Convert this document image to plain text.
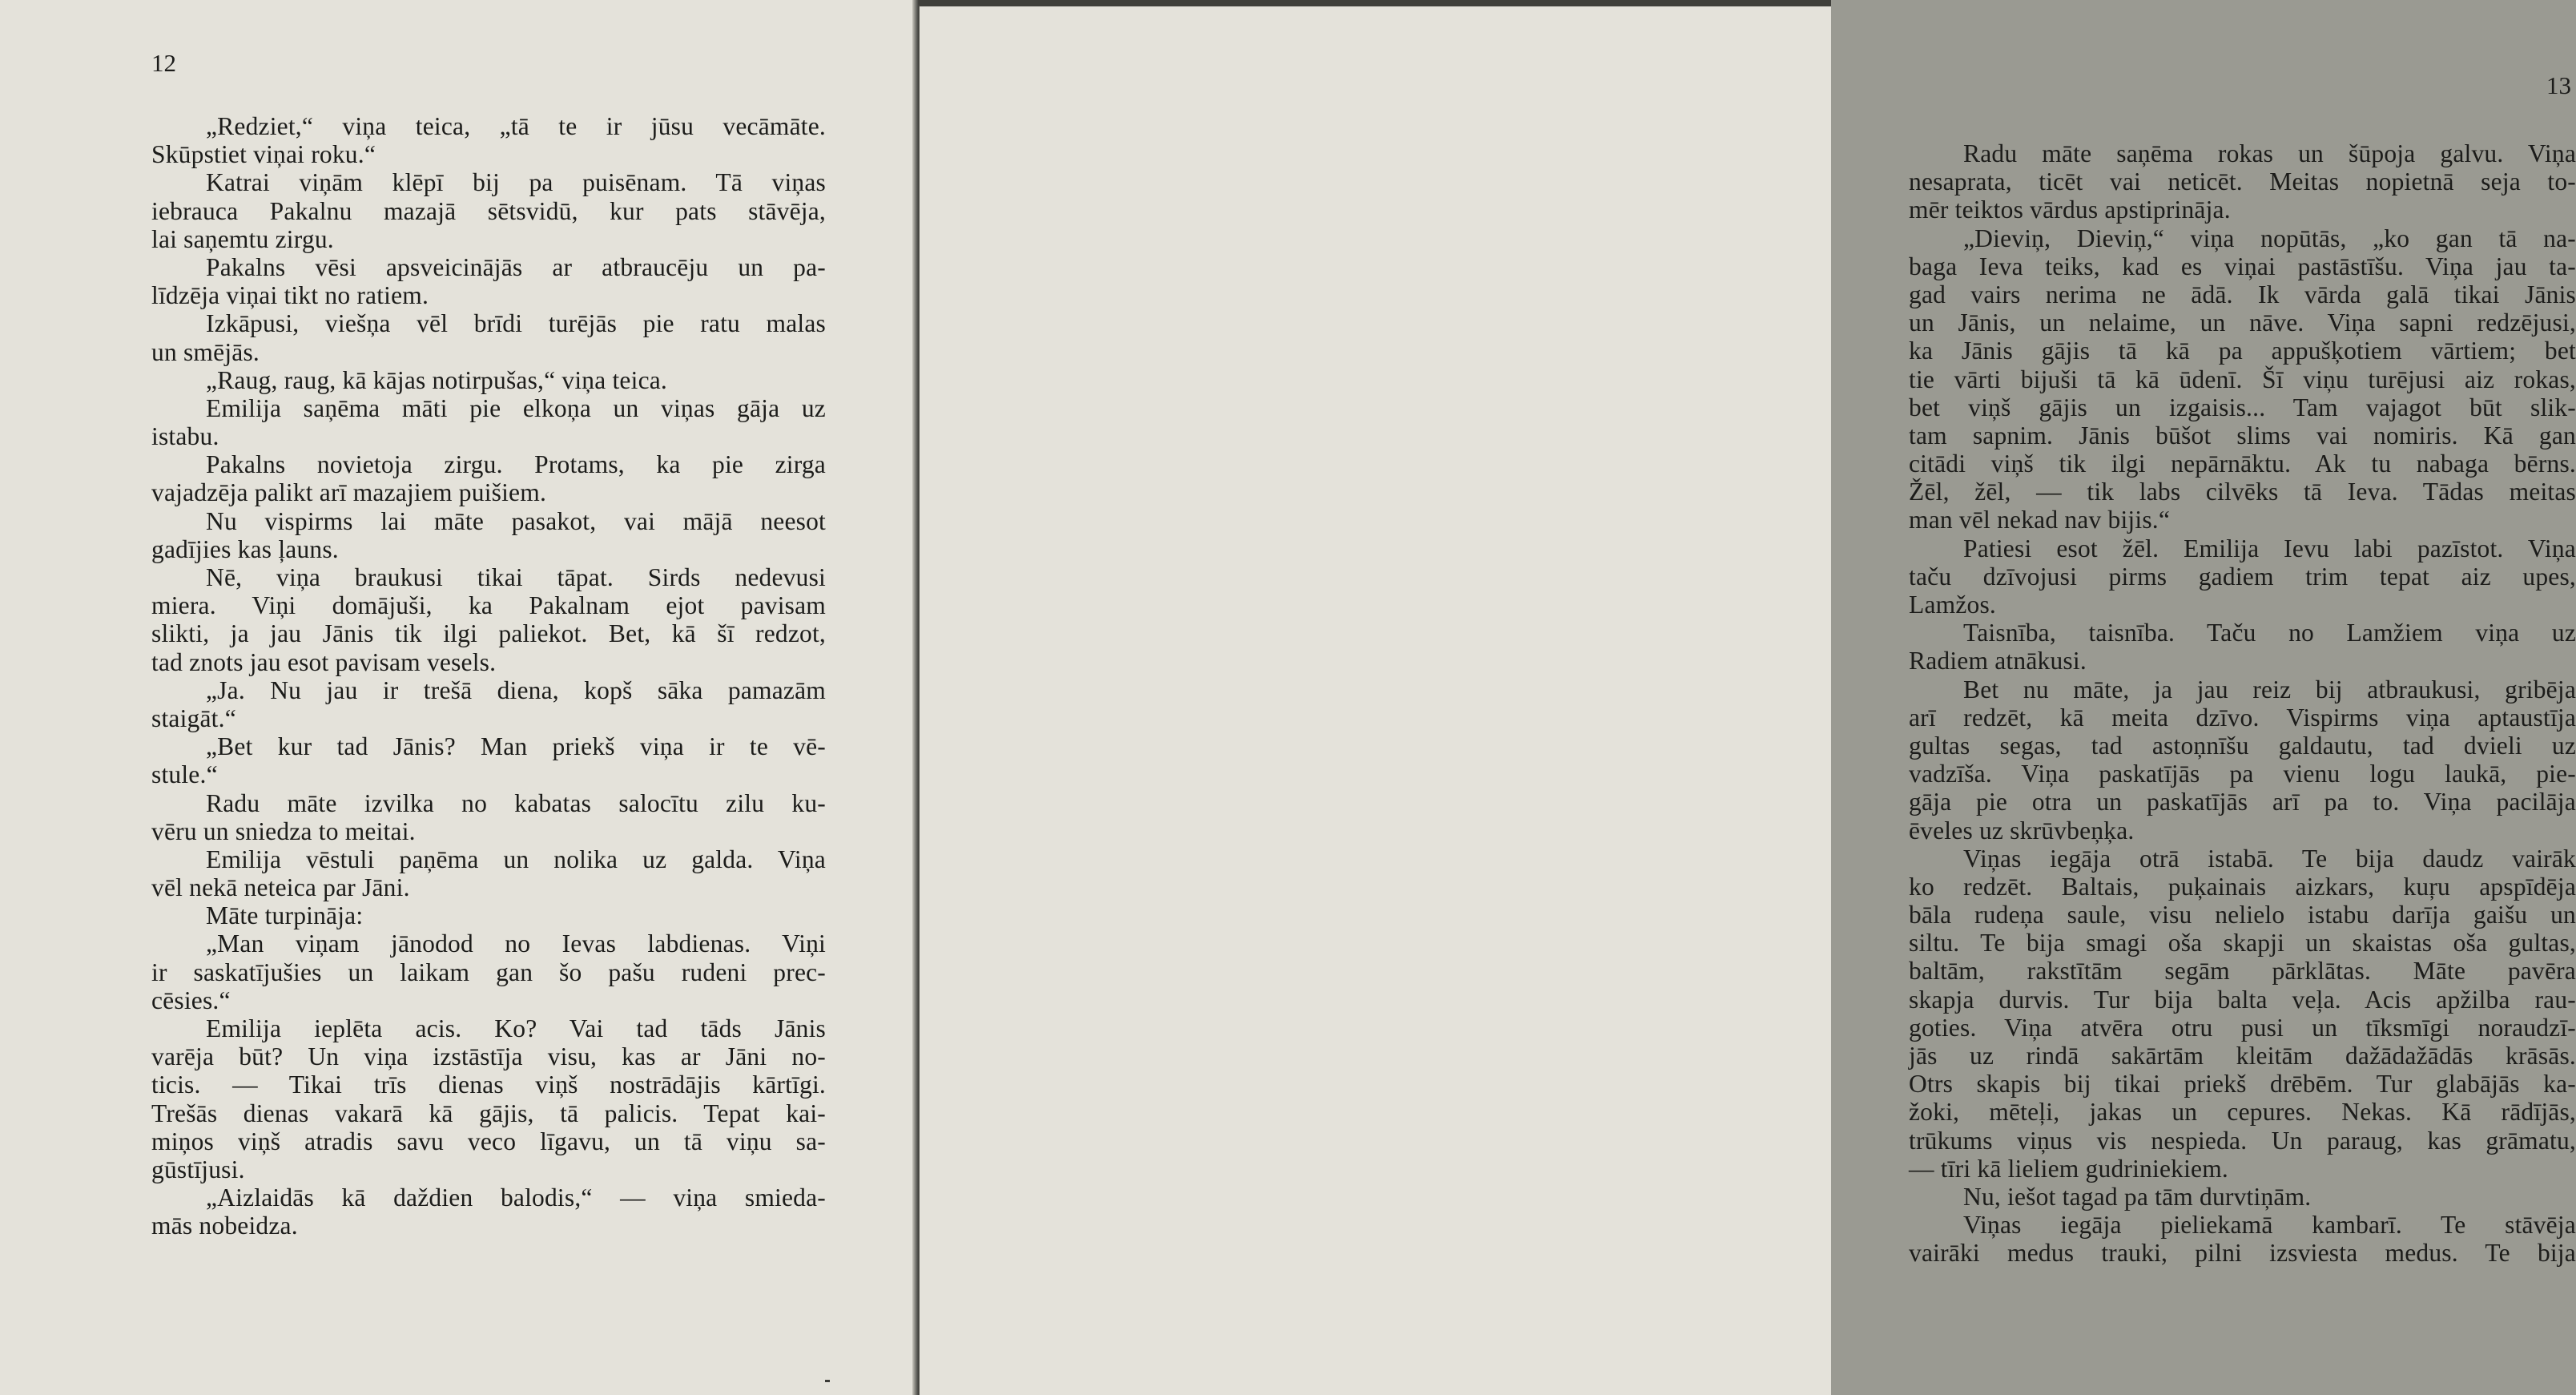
12
„Redziet,“ viņa teica, „tā te ir jūsu vecāmāte.
Skūpstiet viņai roku.“
Katrai viņām klēpī bij pa puisēnam. Tā viņas
iebrauca Pakalnu mazajā sētsvidū, kur pats stāvēja,
lai saņemtu zirgu.
Pakalns vēsi apsveicinājās ar atbraucēju un pa-
līdzēja viņai tikt no ratiem.
Izkāpusi, viešņa vēl brīdi turējās pie ratu malas
un smējās.
„Raug, raug, kā kājas notirpušas,“ viņa teica.
Emilija saņēma māti pie elkoņa un viņas gāja uz
istabu.
Pakalns novietoja zirgu. Protams, ka pie zirga
vajadzēja palikt arī mazajiem puišiem.
Nu vispirms lai māte pasakot, vai mājā neesot
gadījies kas ļauns.
Nē, viņa braukusi tikai tāpat. Sirds nedevusi
miera. Viņi domājuši, ka Pakalnam ejot pavisam
slikti, ja jau Jānis tik ilgi paliekot. Bet, kā šī redzot,
tad znots jau esot pavisam vesels.
„Ja. Nu jau ir trešā diena, kopš sāka pamazām
staigāt.“
„Bet kur tad Jānis? Man priekš viņa ir te vē-
stule.“
Radu māte izvilka no kabatas salocītu zilu ku-
vēru un sniedza to meitai.
Emilija vēstuli paņēma un nolika uz galda. Viņa
vēl nekā neteica par Jāni.
Māte turpināja:
„Man viņam jānodod no Ievas labdienas. Viņi
ir saskatījušies un laikam gan šo pašu rudeni prec-
cēsies.“
Emilija ieplēta acis. Ko? Vai tad tāds Jānis
varēja būt? Un viņa izstāstīja visu, kas ar Jāni no-
ticis. — Tikai trīs dienas viņš nostrādājis kārtīgi.
Trešās dienas vakarā kā gājis, tā palicis. Tepat kai-
miņos viņš atradis savu veco līgavu, un tā viņu sa-
gūstījusi.
„Aizlaidās kā daždien balodis,“ — viņa smieda-
mās nobeidza.
13
Radu māte saņēma rokas un šūpoja galvu. Viņa
nesaprata, ticēt vai neticēt. Meitas nopietnā seja to-
mēr teiktos vārdus apstiprināja.
„Dieviņ, Dieviņ,“ viņa nopūtās, „ko gan tā na-
baga Ieva teiks, kad es viņai pastāstīšu. Viņa jau ta-
gad vairs nerima ne ādā. Ik vārda galā tikai Jānis
un Jānis, un nelaime, un nāve. Viņa sapni redzējusi,
ka Jānis gājis tā kā pa appušķotiem vārtiem; bet
tie vārti bijuši tā kā ūdenī. Šī viņu turējusi aiz rokas,
bet viņš gājis un izgaisis... Tam vajagot būt slik-
tam sapnim. Jānis būšot slims vai nomiris. Kā gan
citādi viņš tik ilgi nepārnāktu. Ak tu nabaga bērns.
Žēl, žēl, — tik labs cilvēks tā Ieva. Tādas meitas
man vēl nekad nav bijis.“
Patiesi esot žēl. Emilija Ievu labi pazīstot. Viņa
taču dzīvojusi pirms gadiem trim tepat aiz upes,
Lamžos.
Taisnība, taisnība. Taču no Lamžiem viņa uz
Radiem atnākusi.
Bet nu māte, ja jau reiz bij atbraukusi, gribēja
arī redzēt, kā meita dzīvo. Vispirms viņa aptaustīja
gultas segas, tad astoņnīšu galdautu, tad dvieli uz
vadzīša. Viņa paskatījās pa vienu logu laukā, pie-
gāja pie otra un paskatījās arī pa to. Viņa pacilāja
ēveles uz skrūvbeņķa.
Viņas iegāja otrā istabā. Te bija daudz vairāk
ko redzēt. Baltais, puķainais aizkars, kuŗu apspīdēja
bāla rudeņa saule, visu nelielo istabu darīja gaišu un
siltu. Te bija smagi oša skapji un skaistas oša gultas,
baltām, rakstītām segām pārklātas. Māte pavēra
skapja durvis. Tur bija balta veļa. Acis apžilba rau-
goties. Viņa atvēra otru pusi un tīksmīgi noraudzī-
jās uz rindā sakārtām kleitām dažādažādās krāsās.
Otrs skapis bij tikai priekš drēbēm. Tur glabājās ka-
žoki, mēteļi, jakas un cepures. Nekas. Kā rādījās,
trūkums viņus vis nespieda. Un paraug, kas grāmatu,
— tīri kā lieliem gudriniekiem.
Nu, iešot tagad pa tām durvtiņām.
Viņas iegāja pieliekamā kambarī. Te stāvēja
vairāki medus trauki, pilni izsviesta medus. Te bija
